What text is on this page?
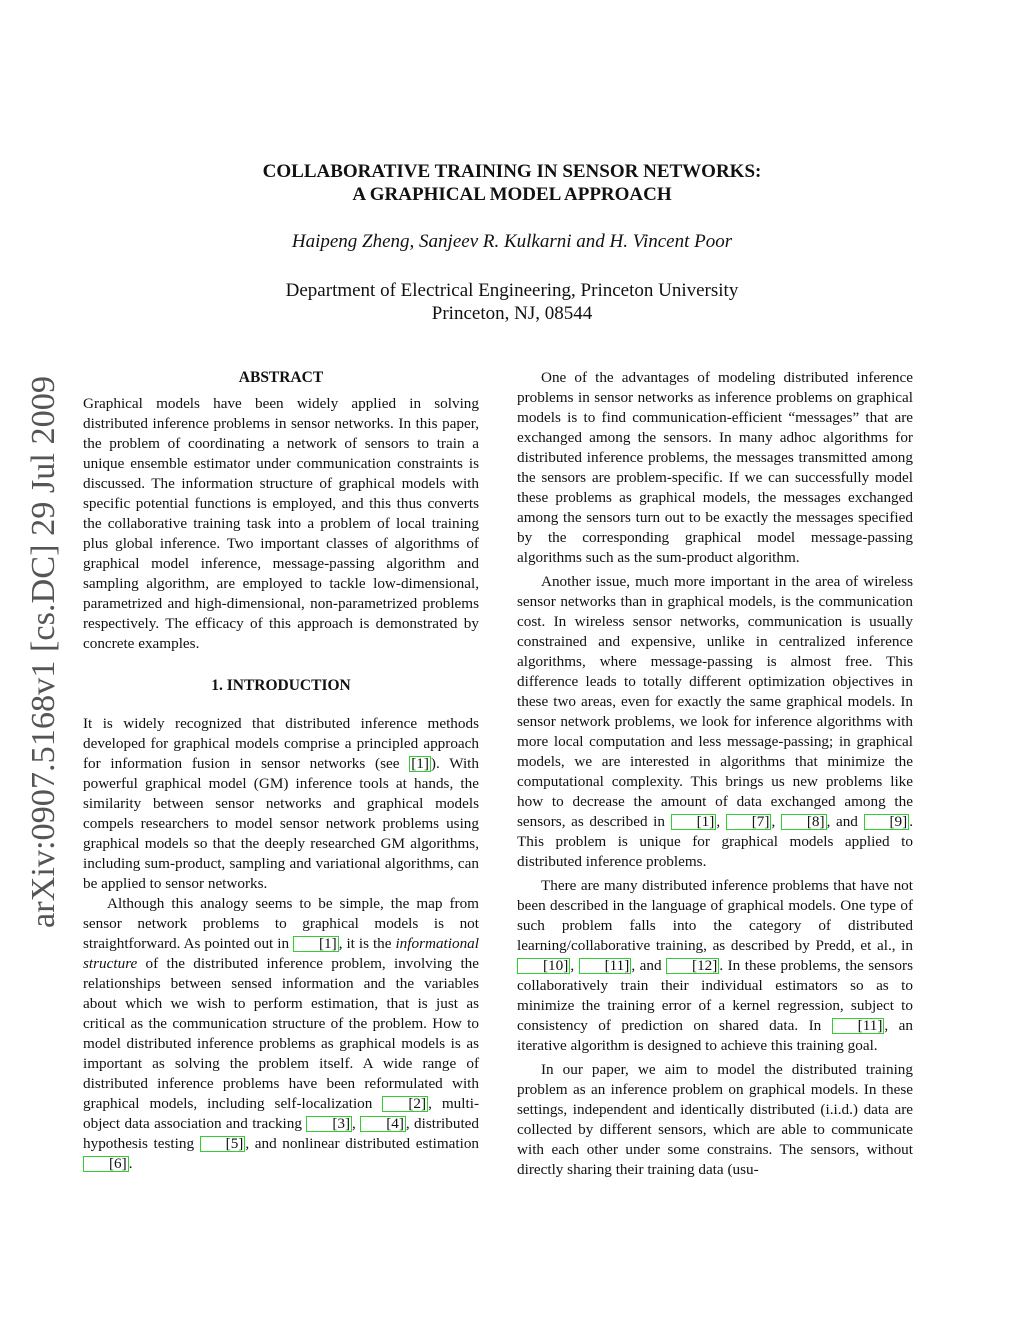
arXiv:0907.5168v1 [cs.DC] 29 Jul 2009
COLLABORATIVE TRAINING IN SENSOR NETWORKS:
A GRAPHICAL MODEL APPROACH
Haipeng Zheng, Sanjeev R. Kulkarni and H. Vincent Poor
Department of Electrical Engineering, Princeton University
Princeton, NJ, 08544
ABSTRACT

Graphical models have been widely applied in solving distributed inference problems in sensor networks. In this paper, the problem of coordinating a network of sensors to train a unique ensemble estimator under communication constraints is discussed. The information structure of graphical models with specific potential functions is employed, and this thus converts the collaborative training task into a problem of local training plus global inference. Two important classes of algorithms of graphical model inference, message-passing algorithm and sampling algorithm, are employed to tackle low-dimensional, parametrized and high-dimensional, non-parametrized problems respectively. The efficacy of this approach is demonstrated by concrete examples.

1. INTRODUCTION

It is widely recognized that distributed inference methods developed for graphical models comprise a principled approach for information fusion in sensor networks (see [1] ). With powerful graphical model (GM) inference tools at hands, the similarity between sensor networks and graphical models compels researchers to model sensor network problems using graphical models so that the deeply researched GM algorithms, including sum-product, sampling and variational algorithms, can be applied to sensor networks.

Although this analogy seems to be simple, the map from sensor network problems to graphical models is not straightforward. As pointed out in [1] , it is the informational structure of the distributed inference problem, involving the relationships between sensed information and the variables about which we wish to perform estimation, that is just as critical as the communication structure of the problem. How to model distributed inference problems as graphical models is as important as solving the problem itself. A wide range of distributed inference problems have been reformulated with graphical models, including self-localization [2] , multi-object data association and tracking [3] , [4] , distributed hypothesis testing [5] , and nonlinear distributed estimation [6] .

One of the advantages of modeling distributed inference problems in sensor networks as inference problems on graphical models is to find communication-efficient “messages” that are exchanged among the sensors. In many adhoc algorithms for distributed inference problems, the messages transmitted among the sensors are problem-specific. If we can successfully model these problems as graphical models, the messages exchanged among the sensors turn out to be exactly the messages specified by the corresponding graphical model message-passing algorithms such as the sum-product algorithm.

Another issue, much more important in the area of wireless sensor networks than in graphical models, is the communication cost. In wireless sensor networks, communication is usually constrained and expensive, unlike in centralized inference algorithms, where message-passing is almost free. This difference leads to totally different optimization objectives in these two areas, even for exactly the same graphical models. In sensor network problems, we look for inference algorithms with more local computation and less message-passing; in graphical models, we are interested in algorithms that minimize the computational complexity. This brings us new problems like how to decrease the amount of data exchanged among the sensors, as described in [1] , [7] , [8] , and [9] . This problem is unique for graphical models applied to distributed inference problems.

There are many distributed inference problems that have not been described in the language of graphical models. One type of such problem falls into the category of distributed learning/collaborative training, as described by Predd, et al., in [10] , [11] , and [12] . In these problems, the sensors collaboratively train their individual estimators so as to minimize the training error of a kernel regression, subject to consistency of prediction on shared data. In [11] , an iterative algorithm is designed to achieve this training goal.

In our paper, we aim to model the distributed training problem as an inference problem on graphical models. In these settings, independent and identically distributed (i.i.d.) data are collected by different sensors, which are able to communicate with each other under some constrains. The sensors, without directly sharing their training data (usu-
